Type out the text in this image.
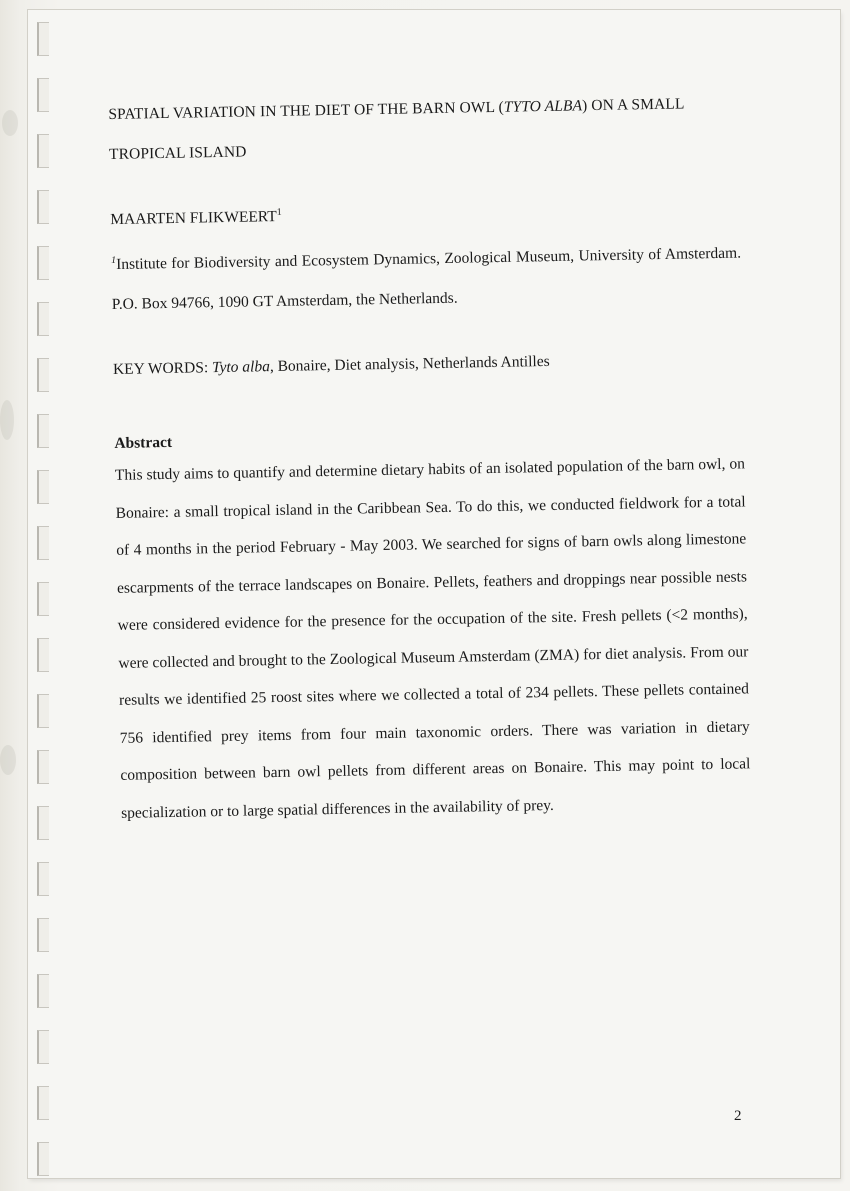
SPATIAL VARIATION IN THE DIET OF THE BARN OWL (TYTO ALBA) ON A SMALL TROPICAL ISLAND
MAARTEN FLIKWEERT$^1$
$^1$Institute for Biodiversity and Ecosystem Dynamics, Zoological Museum, University of Amsterdam. P.O. Box 94766, 1090 GT Amsterdam, the Netherlands.
KEY WORDS: Tyto alba, Bonaire, Diet analysis, Netherlands Antilles
Abstract
This study aims to quantify and determine dietary habits of an isolated population of the barn owl, on Bonaire: a small tropical island in the Caribbean Sea. To do this, we conducted fieldwork for a total of 4 months in the period February - May 2003. We searched for signs of barn owls along limestone escarpments of the terrace landscapes on Bonaire. Pellets, feathers and droppings near possible nests were considered evidence for the presence for the occupation of the site. Fresh pellets (<2 months), were collected and brought to the Zoological Museum Amsterdam (ZMA) for diet analysis. From our results we identified 25 roost sites where we collected a total of 234 pellets. These pellets contained 756 identified prey items from four main taxonomic orders. There was variation in dietary composition between barn owl pellets from different areas on Bonaire. This may point to local specialization or to large spatial differences in the availability of prey.
2
